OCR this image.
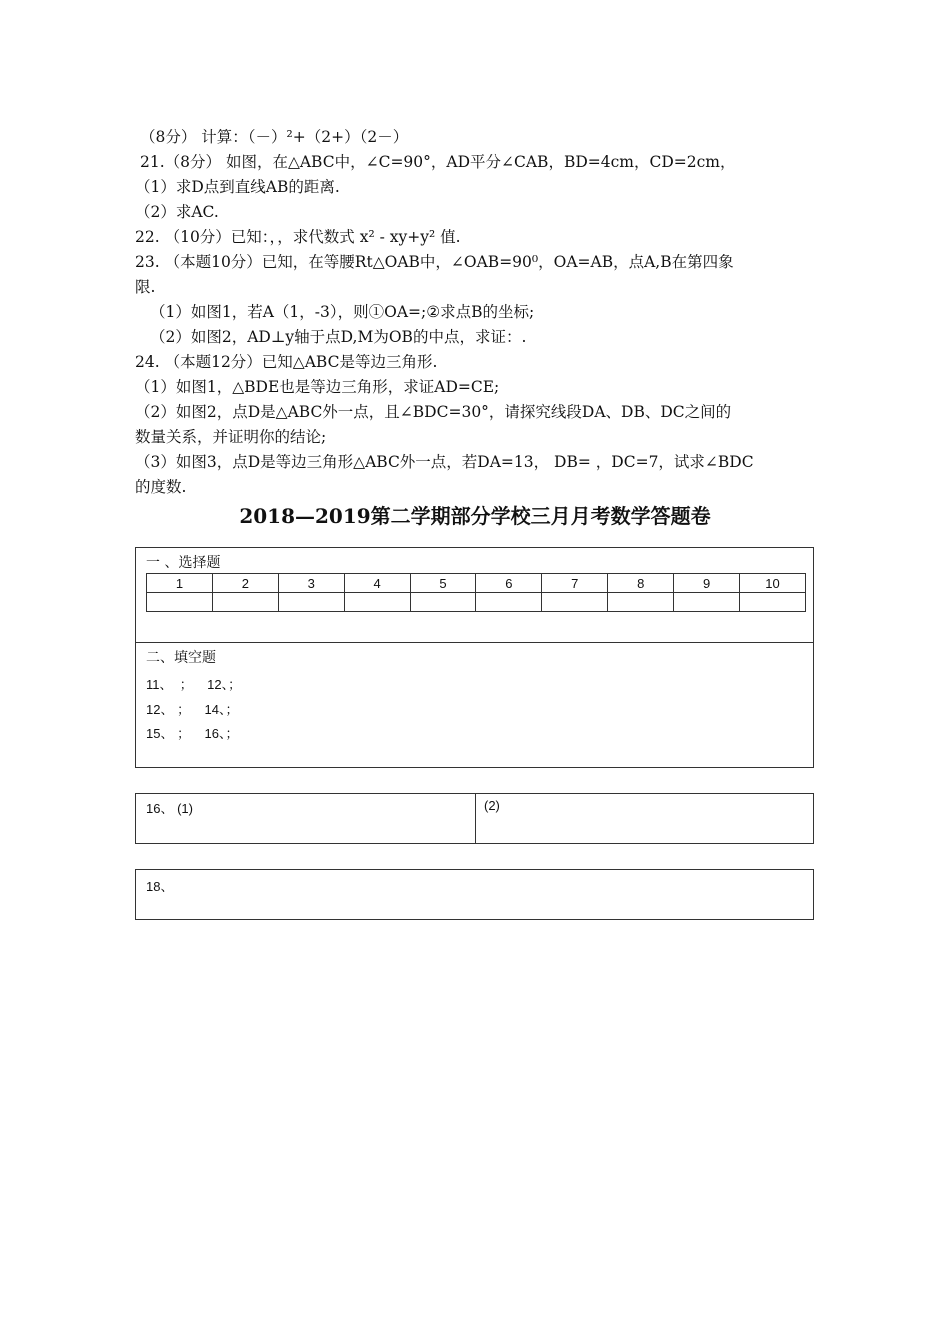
（8分） 计算：（－）²+（2+）（2－）
21.（8分） 如图，在△ABC中，∠C=90°，AD平分∠CAB，BD=4cm，CD=2cm，
（1）求D点到直线AB的距离.
（2）求AC.
22. （10分）已知：，，求代数式 x² - xy+y² 值.
23. （本题10分）已知，在等腰Rt△OAB中，∠OAB=90⁰，OA=AB，点A,B在第四象
限.
（1）如图1，若A（1，-3），则①OA=;②求点B的坐标;
（2）如图2，AD⊥y轴于点D,M为OB的中点，求证：.
24. （本题12分）已知△ABC是等边三角形.
（1）如图1，△BDE也是等边三角形，求证AD=CE;
（2）如图2，点D是△ABC外一点，且∠BDC=30°，请探究线段DA、DB、DC之间的
数量关系，并证明你的结论;
（3）如图3，点D是等边三角形△ABC外一点，若DA=13， DB= ，DC=7，试求∠BDC
的度数.
2018—2019第二学期部分学校三月月考数学答题卷
一 、选择题
1	2	3	4	5	6	7	8	9	10

二、填空题
11、  ；    12、；
12、 ；    14、；
15、 ；    16、；
16、 (1)	(2)
18、
